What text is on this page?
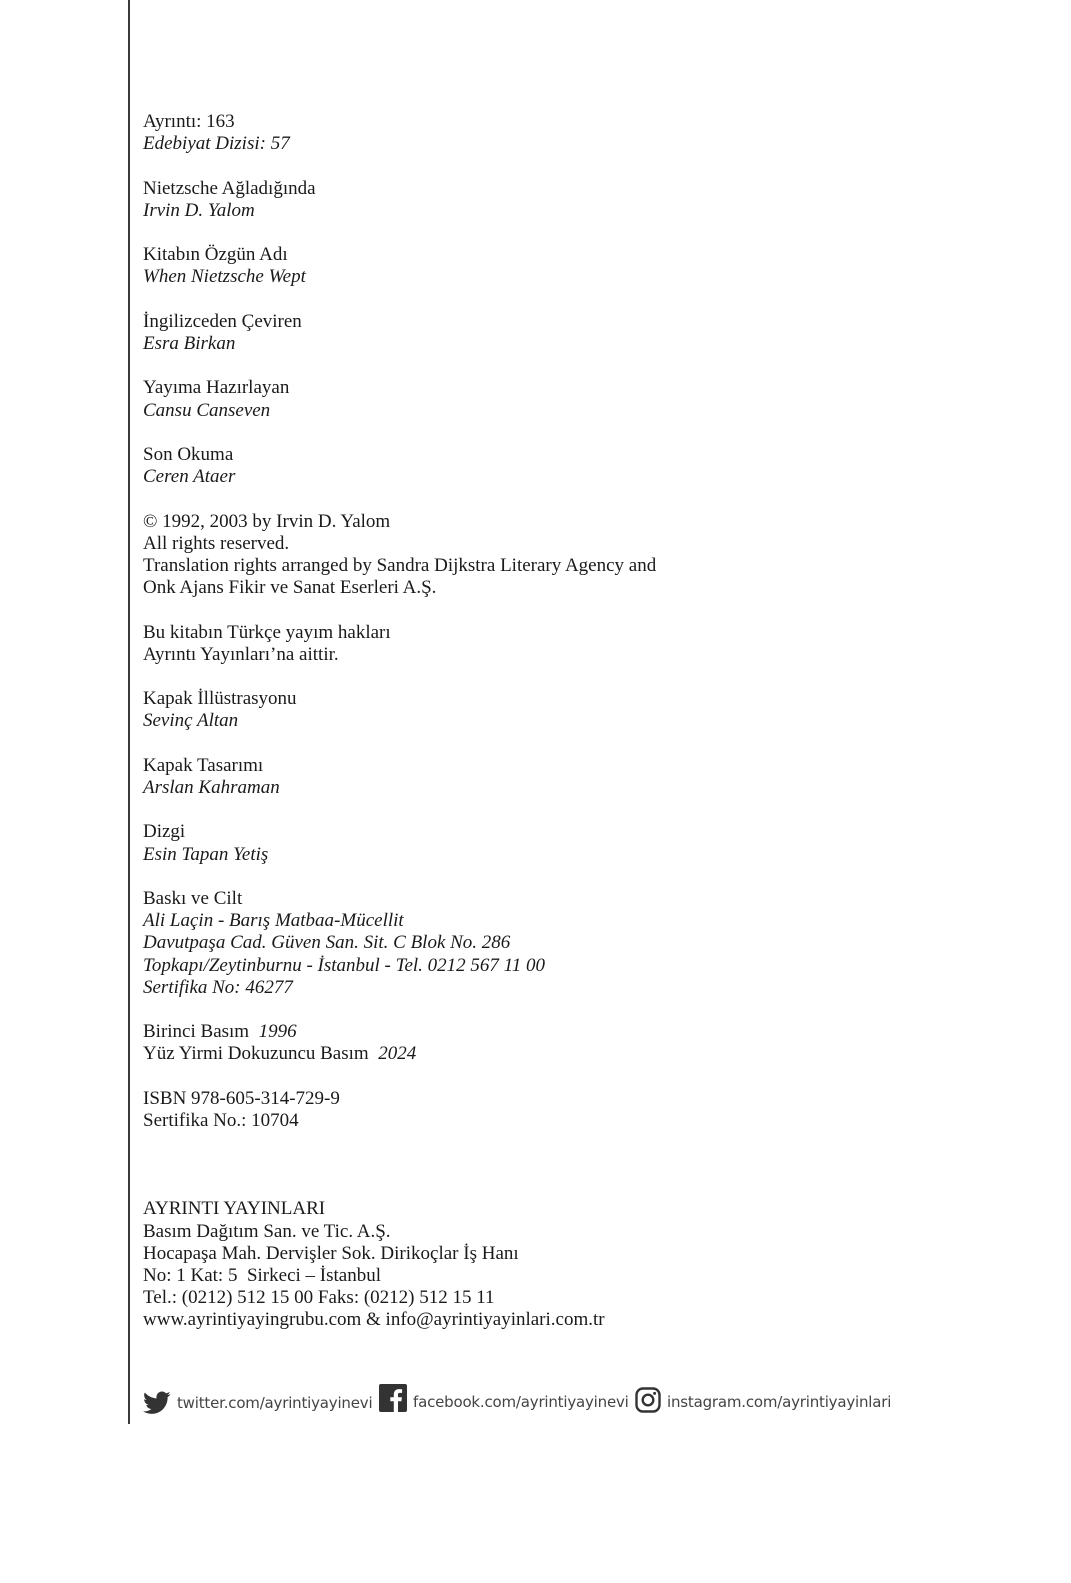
Ayrıntı: 163
Edebiyat Dizisi: 57
Nietzsche Ağladığında
Irvin D. Yalom
Kitabın Özgün Adı
When Nietzsche Wept
İngilizceden Çeviren
Esra Birkan
Yayıma Hazırlayan
Cansu Canseven
Son Okuma
Ceren Ataer
© 1992, 2003 by Irvin D. Yalom
All rights reserved.
Translation rights arranged by Sandra Dijkstra Literary Agency and
Onk Ajans Fikir ve Sanat Eserleri A.Ş.
Bu kitabın Türkçe yayım hakları
Ayrıntı Yayınları’na aittir.
Kapak İllüstrasyonu
Sevinç Altan
Kapak Tasarımı
Arslan Kahraman
Dizgi
Esin Tapan Yetiş
Baskı ve Cilt
Ali Laçin - Barış Matbaa-Mücellit
Davutpaşa Cad. Güven San. Sit. C Blok No. 286
Topkapı/Zeytinburnu - İstanbul - Tel. 0212 567 11 00
Sertifika No: 46277
Birinci Basım 1996
Yüz Yirmi Dokuzuncu Basım 2024
ISBN 978-605-314-729-9
Sertifika No.: 10704
AYRINTI YAYINLARI
Basım Dağıtım San. ve Tic. A.Ş.
Hocapaşa Mah. Dervişler Sok. Dirikoçlar İş Hanı
No: 1 Kat: 5  Sirkeci – İstanbul
Tel.: (0212) 512 15 00 Faks: (0212) 512 15 11
www.ayrintiyayingrubu.com & info@ayrintiyayinlari.com.tr
twitter.com/ayrintiyayinevi	facebook.com/ayrintiyayinevi	instagram.com/ayrintiyayinlari
